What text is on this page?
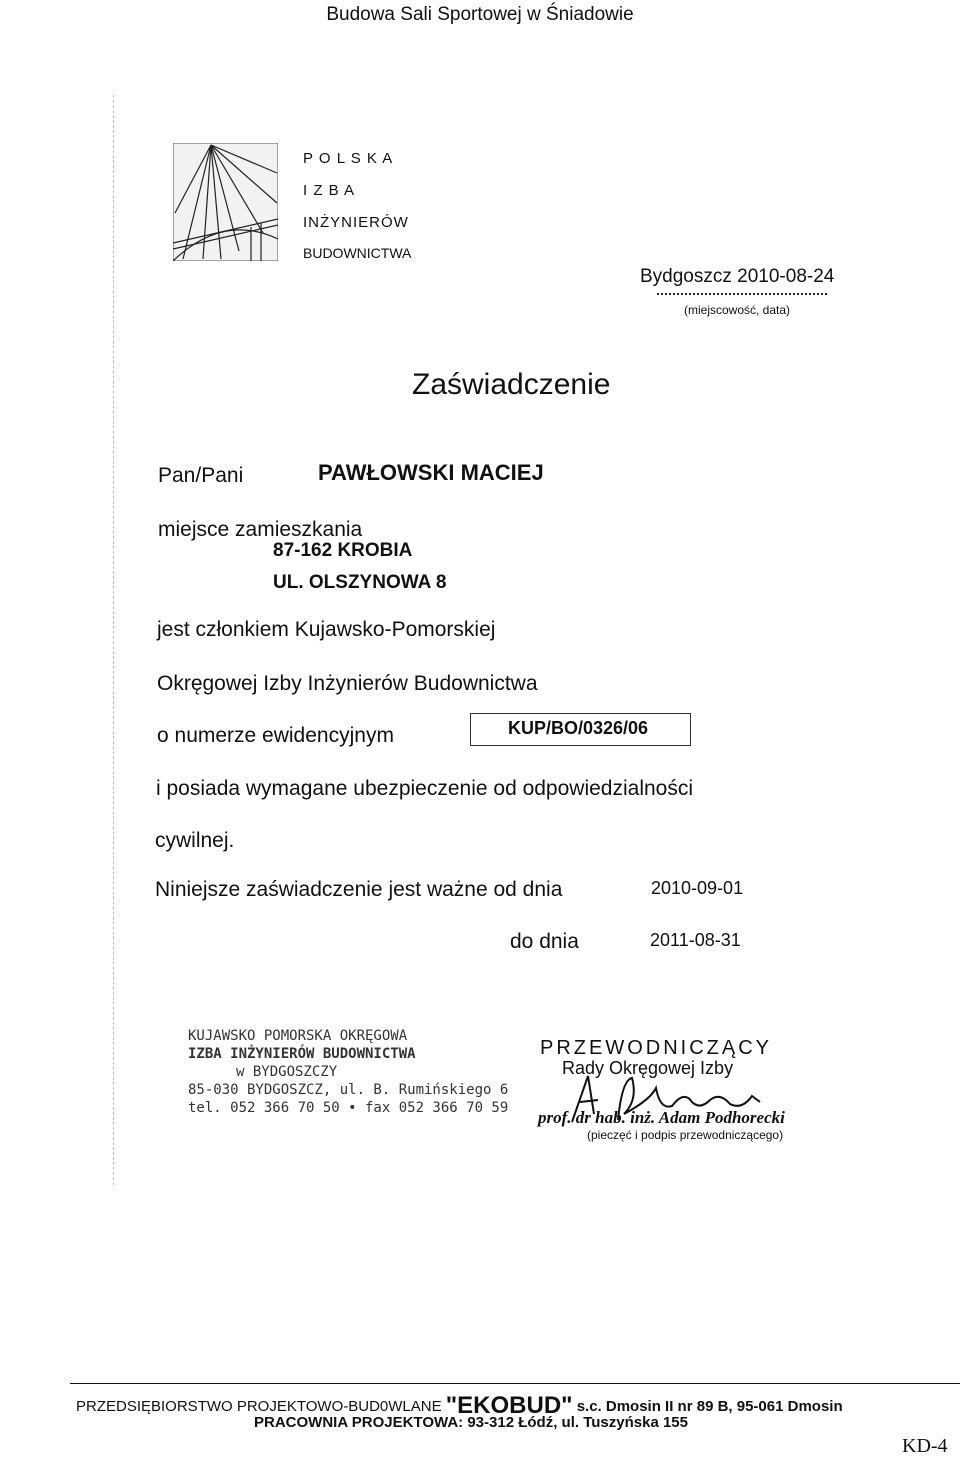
Budowa Sali Sportowej w Śniadowie
P O L S K A
I Z B A
INŻYNIERÓW
BUDOWNICTWA
Bydgoszcz 2010-08-24
(miejscowość, data)
Zaświadczenie
Pan/Pani	PAWŁOWSKI MACIEJ
miejsce zamieszkania
87-162 KROBIA
UL. OLSZYNOWA 8
jest członkiem Kujawsko-Pomorskiej
Okręgowej Izby Inżynierów Budownictwa
o numerze ewidencyjnym	KUP/BO/0326/06
i posiada wymagane ubezpieczenie od odpowiedzialności
cywilnej.
Niniejsze zaświadczenie jest ważne od dnia	2010-09-01
do dnia	2011-08-31
KUJAWSKO POMORSKA OKRĘGOWA
IZBA INŻYNIERÓW BUDOWNICTWA
w BYDGOSZCZY
85-030 BYDGOSZCZ, ul. B. Rumińskiego 6
tel. 052 366 70 50 • fax 052 366 70 59
PRZEWODNICZĄCY
Rady Okręgowej Izby
prof. dr hab. inż. Adam Podhorecki
(pieczęć i podpis przewodniczącego)
PRZEDSIĘBIORSTWO PROJEKTOWO-BUD0WLANE "EKOBUD" s.c. Dmosin II nr 89 B, 95-061 Dmosin
PRACOWNIA PROJEKTOWA: 93-312 Łódź, ul. Tuszyńska 155
KD-4
